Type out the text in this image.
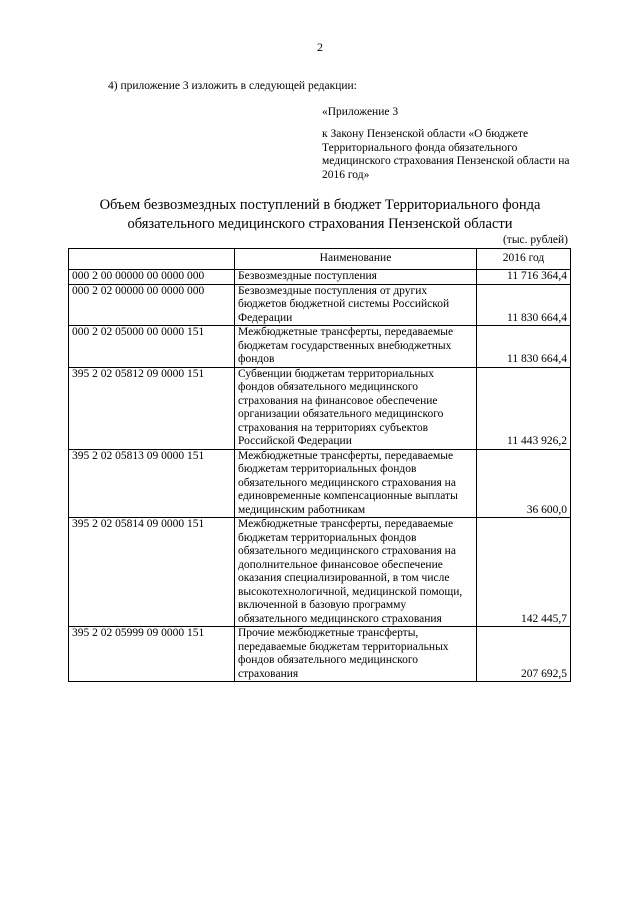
2
4) приложение 3 изложить в следующей редакции:
«Приложение 3
к Закону Пензенской области «О бюджете Территориального фонда обязательного медицинского страхования Пензенской области на 2016 год»
Объем безвозмездных поступлений в бюджет Территориального фонда
обязательного медицинского страхования Пензенской области
(тыс. рублей)
	Наименование	2016 год
000 2 00 00000 00 0000 000	Безвозмездные поступления	11 716 364,4
000 2 02 00000 00 0000 000	Безвозмездные поступления от других бюджетов бюджетной системы Российской Федерации	11 830 664,4
000 2 02 05000 00 0000 151	Межбюджетные трансферты, передаваемые бюджетам государственных внебюджетных фондов	11 830 664,4
395 2 02 05812 09 0000 151	Субвенции бюджетам территориальных фондов обязательного медицинского страхования на финансовое обеспечение организации обязательного медицинского страхования на территориях субъектов Российской Федерации	11 443 926,2
395 2 02 05813 09 0000 151	Межбюджетные трансферты, передаваемые бюджетам территориальных фондов обязательного медицинского страхования на единовременные компенсационные выплаты медицинским работникам	36 600,0
395 2 02 05814 09 0000 151	Межбюджетные трансферты, передаваемые бюджетам территориальных фондов обязательного медицинского страхования на дополнительное финансовое обеспечение оказания специализированной, в том числе высокотехнологичной, медицинской помощи, включенной в базовую программу обязательного медицинского страхования	142 445,7
395 2 02 05999 09 0000 151	Прочие межбюджетные трансферты, передаваемые бюджетам территориальных фондов обязательного медицинского страхования	207 692,5
